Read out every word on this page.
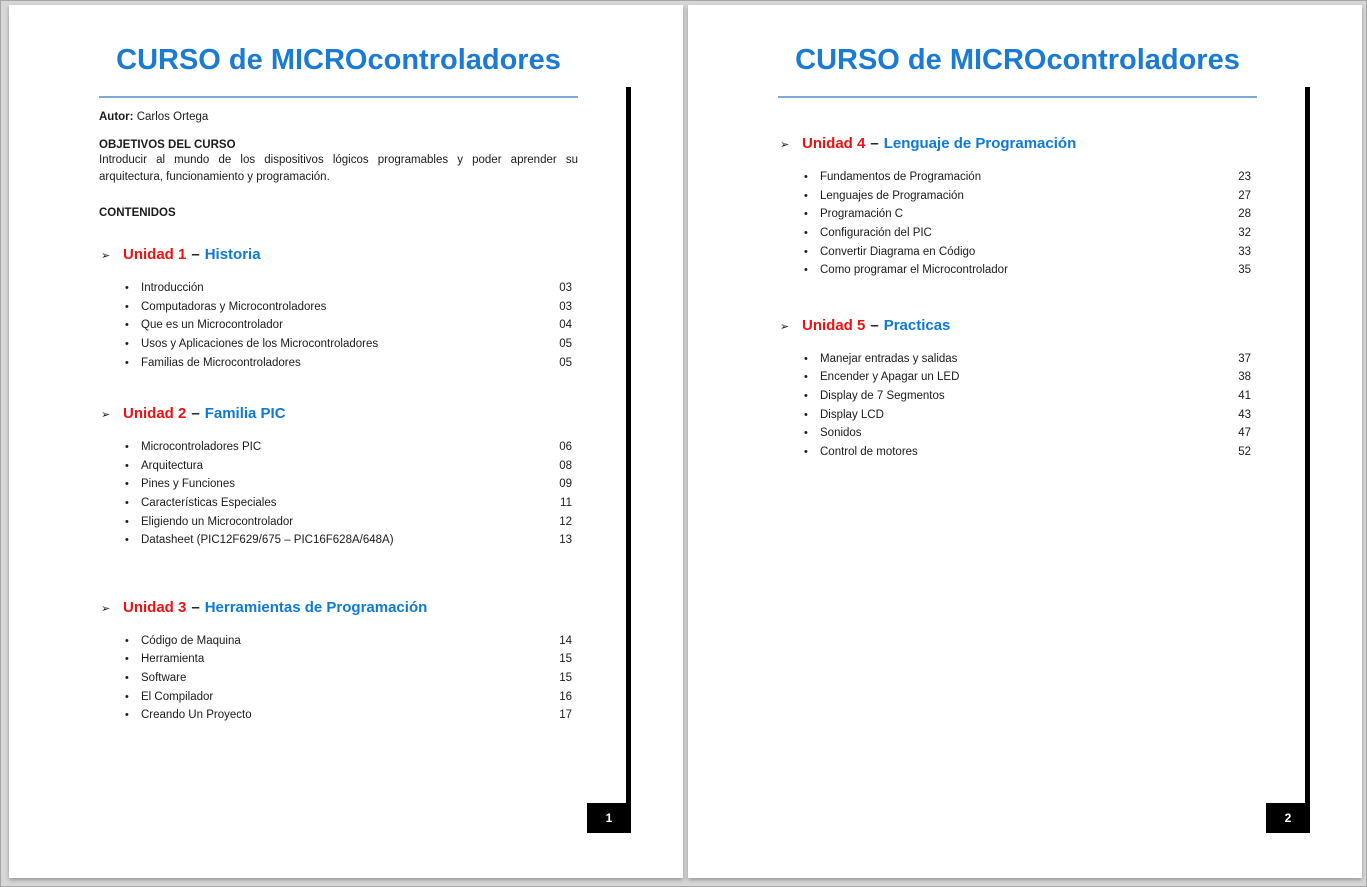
CURSO de MICROcontroladores
Autor: Carlos Ortega
OBJETIVOS DEL CURSO
Introducir al mundo de los dispositivos lógicos programables y poder aprender su arquitectura, funcionamiento y programación.
CONTENIDOS
➢ Unidad 1 – Historia
•	Introducción	03
•	Computadoras y Microcontroladores	03
•	Que es un Microcontrolador	04
•	Usos y Aplicaciones de los Microcontroladores	05
•	Familias de Microcontroladores	05
➢ Unidad 2 – Familia PIC
•	Microcontroladores PIC	06
•	Arquitectura	08
•	Pines y Funciones	09
•	Características Especiales	11
•	Eligiendo un Microcontrolador	12
•	Datasheet (PIC12F629/675 – PIC16F628A/648A)	13
➢ Unidad 3 – Herramientas de Programación
•	Código de Maquina	14
•	Herramienta	15
•	Software	15
•	El Compilador	16
•	Creando Un Proyecto	17
1
CURSO de MICROcontroladores
➢ Unidad 4 – Lenguaje de Programación
•	Fundamentos de Programación	23
•	Lenguajes de Programación	27
•	Programación C	28
•	Configuración del PIC	32
•	Convertir Diagrama en Código	33
•	Como programar el Microcontrolador	35
➢ Unidad 5 – Practicas
•	Manejar entradas y salidas	37
•	Encender y Apagar un LED	38
•	Display de 7 Segmentos	41
•	Display LCD	43
•	Sonidos	47
•	Control de motores	52
2
